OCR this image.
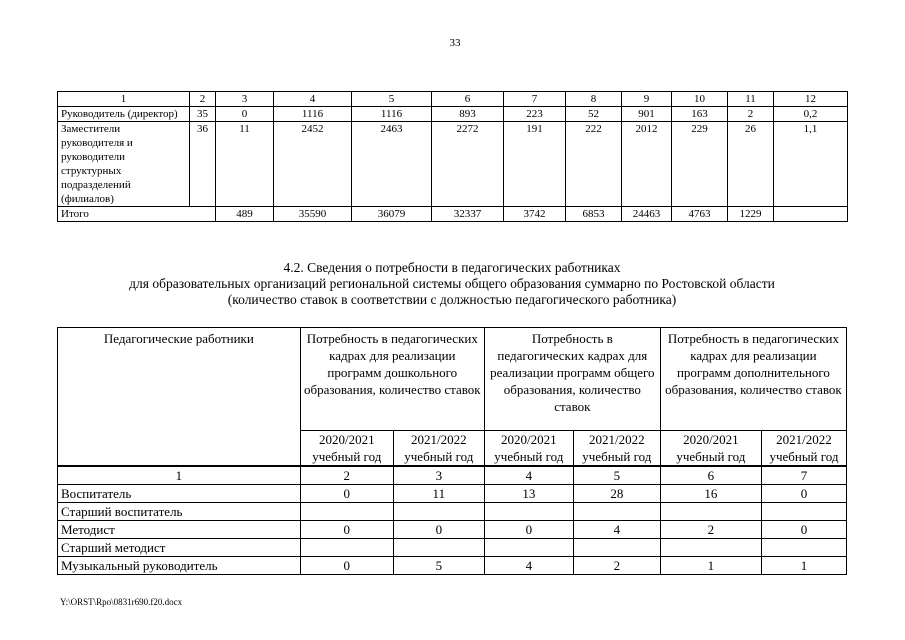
33
1	2	3	4	5	6	7	8	9	10	11	12
Руководитель (директор)	35	0	1116	1116	893	223	52	901	163	2	0,2
Заместители руководителя и руководители структурных подразделений (филиалов)	36	11	2452	2463	2272	191	222	2012	229	26	1,1
Итого		489	35590	36079	32337	3742	6853	24463	4763	1229	
4.2. Сведения о потребности в педагогических работниках
для образовательных организаций региональной системы общего образования суммарно по Ростовской области
(количество ставок в соответствии с должностью педагогического работника)
Педагогические работники	Потребность в педагогических кадрах для реализации программ дошкольного образования, количество ставок		Потребность в педагогических кадрах для реализации программ общего образования, количество ставок		Потребность в педагогических кадрах для реализации программ дополнительного образования, количество ставок	
	2020/2021 учебный год	2021/2022 учебный год	2020/2021 учебный год	2021/2022 учебный год	2020/2021 учебный год	2021/2022 учебный год
1	2	3	4	5	6	7
Воспитатель	0	11	13	28	16	0
Старший воспитатель						
Методист	0	0	0	4	2	0
Старший методист						
Музыкальный руководитель	0	5	4	2	1	1
Y:\ORST\Rpo\0831r690.f20.docx
